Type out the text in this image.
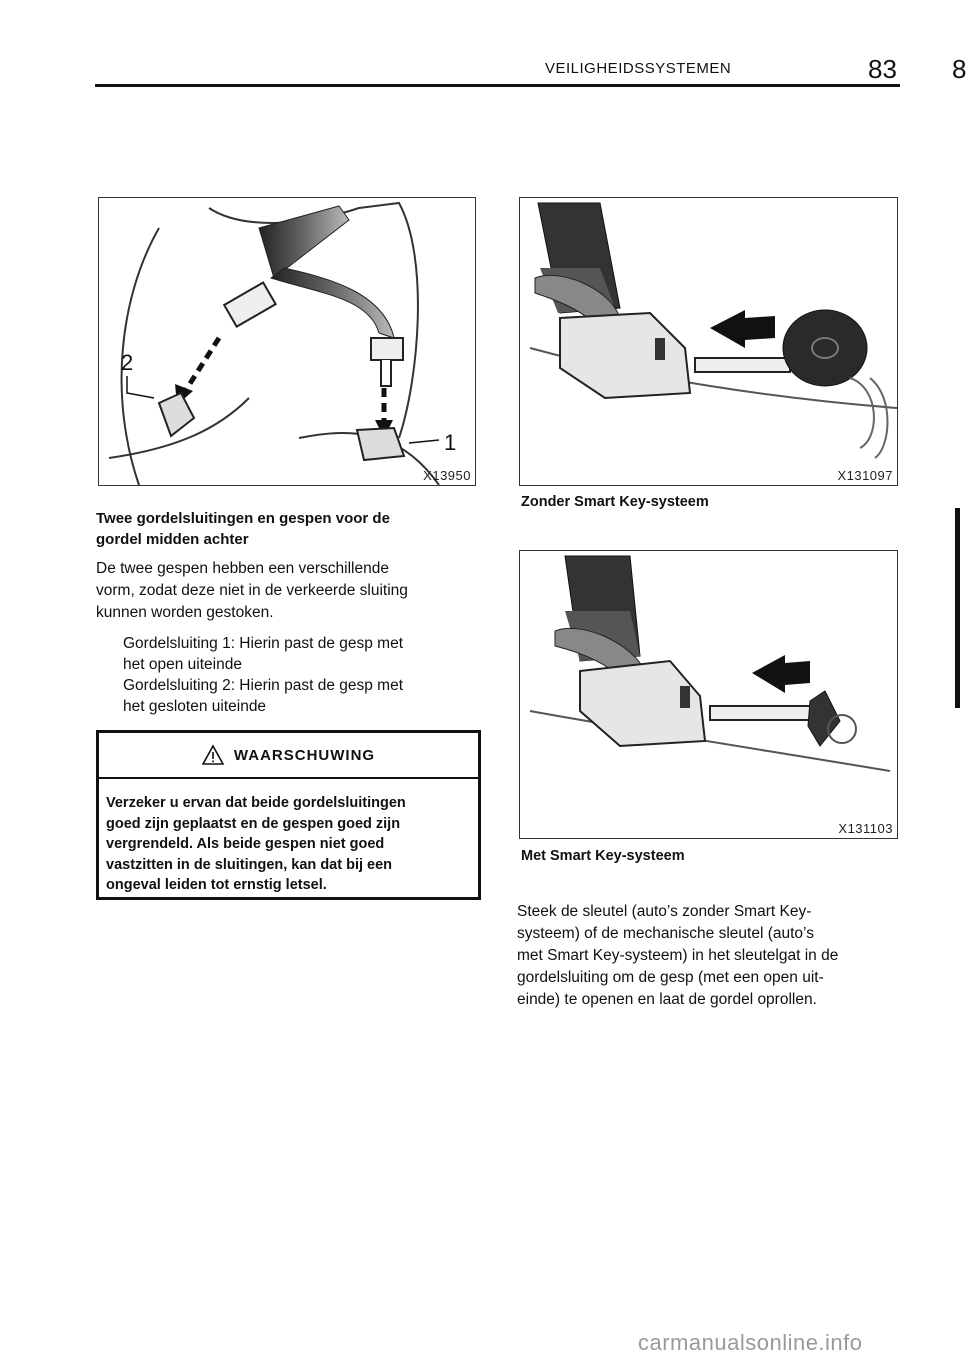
VEILIGHEIDSSYSTEMEN	83 8
2
1
X13950	X131097
Zonder Smart Key‐systeem
Twee gordelsluitingen en gespen voor de
gordel midden achter
De twee gespen hebben een verschillende
vorm, zodat deze niet in de verkeerde sluiting
kunnen worden gestoken.
Gordelsluiting 1: Hierin past de gesp met
het open uiteinde
Gordelsluiting 2: Hierin past de gesp met
het gesloten uiteinde
WAARSCHUWING
Verzeker u ervan dat beide gordelsluitingen
goed zijn geplaatst en de gespen goed zijn
vergrendeld. Als beide gespen niet goed
vastzitten in de sluitingen, kan dat bij een
ongeval leiden tot ernstig letsel.
X131103
Met Smart Key‐systeem
Steek de sleutel (auto’s zonder Smart Key‐
systeem) of de mechanische sleutel (auto’s
met Smart Key‐systeem) in het sleutelgat in de
gordelsluiting om de gesp (met een open uit-
einde) te openen en laat de gordel oprollen.
carmanualsonline.info
